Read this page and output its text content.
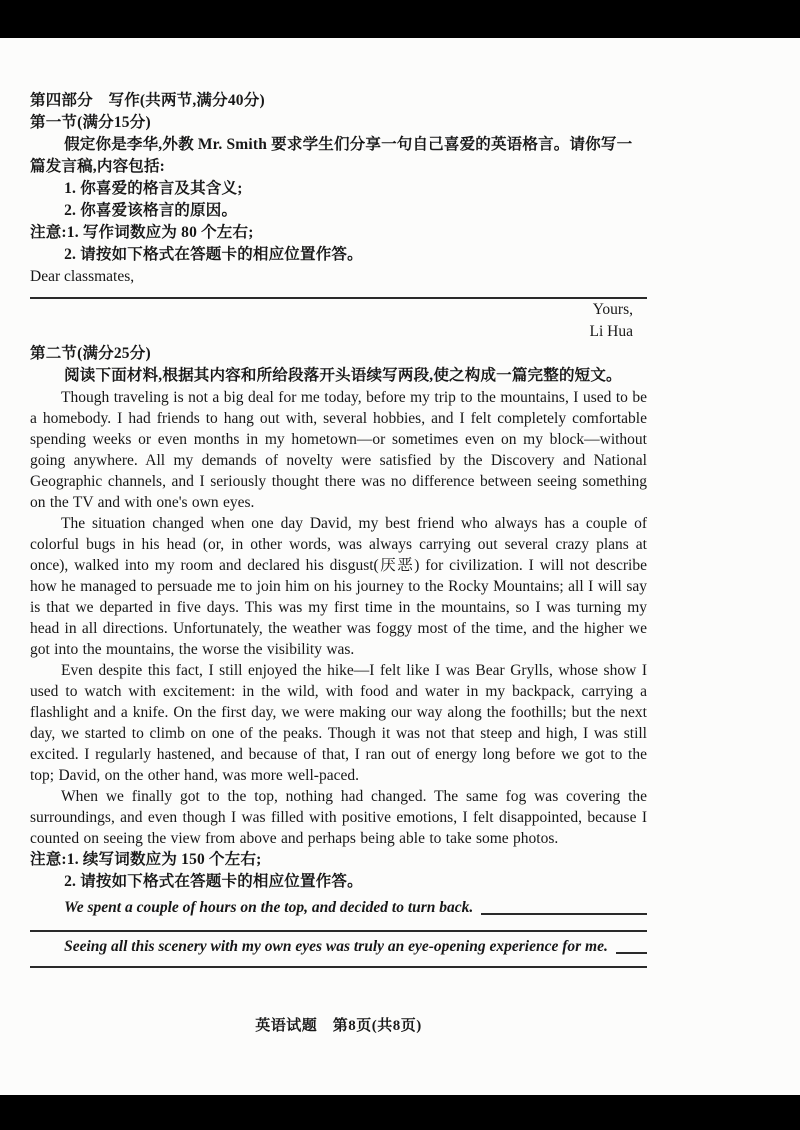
第四部分　写作(共两节,满分40分)
第一节(满分15分)
假定你是李华,外教 Mr. Smith 要求学生们分享一句自己喜爱的英语格言。请你写一篇发言稿,内容包括:
1. 你喜爱的格言及其含义;
2. 你喜爱该格言的原因。
注意:1. 写作词数应为 80 个左右;
2. 请按如下格式在答题卡的相应位置作答。
Dear classmates,
Yours,
Li Hua
第二节(满分25分)
阅读下面材料,根据其内容和所给段落开头语续写两段,使之构成一篇完整的短文。

Though traveling is not a big deal for me today, before my trip to the mountains, I used to be a homebody. I had friends to hang out with, several hobbies, and I felt completely comfortable spending weeks or even months in my hometown—or sometimes even on my block—without going anywhere. All my demands of novelty were satisfied by the Discovery and National Geographic channels, and I seriously thought there was no difference between seeing something on the TV and with one's own eyes.

The situation changed when one day David, my best friend who always has a couple of colorful bugs in his head (or, in other words, was always carrying out several crazy plans at once), walked into my room and declared his disgust(厌恶) for civilization. I will not describe how he managed to persuade me to join him on his journey to the Rocky Mountains; all I will say is that we departed in five days. This was my first time in the mountains, so I was turning my head in all directions. Unfortunately, the weather was foggy most of the time, and the higher we got into the mountains, the worse the visibility was.

Even despite this fact, I still enjoyed the hike—I felt like I was Bear Grylls, whose show I used to watch with excitement: in the wild, with food and water in my backpack, carrying a flashlight and a knife. On the first day, we were making our way along the foothills; but the next day, we started to climb on one of the peaks. Though it was not that steep and high, I was still excited. I regularly hastened, and because of that, I ran out of energy long before we got to the top; David, on the other hand, was more well-paced.

When we finally got to the top, nothing had changed. The same fog was covering the surroundings, and even though I was filled with positive emotions, I felt disappointed, because I counted on seeing the view from above and perhaps being able to take some photos.

注意:1. 续写词数应为 150 个左右;
2. 请按如下格式在答题卡的相应位置作答。
We spent a couple of hours on the top, and decided to turn back.
Seeing all this scenery with my own eyes was truly an eye-opening experience for me.
英语试题　第8页(共8页)
